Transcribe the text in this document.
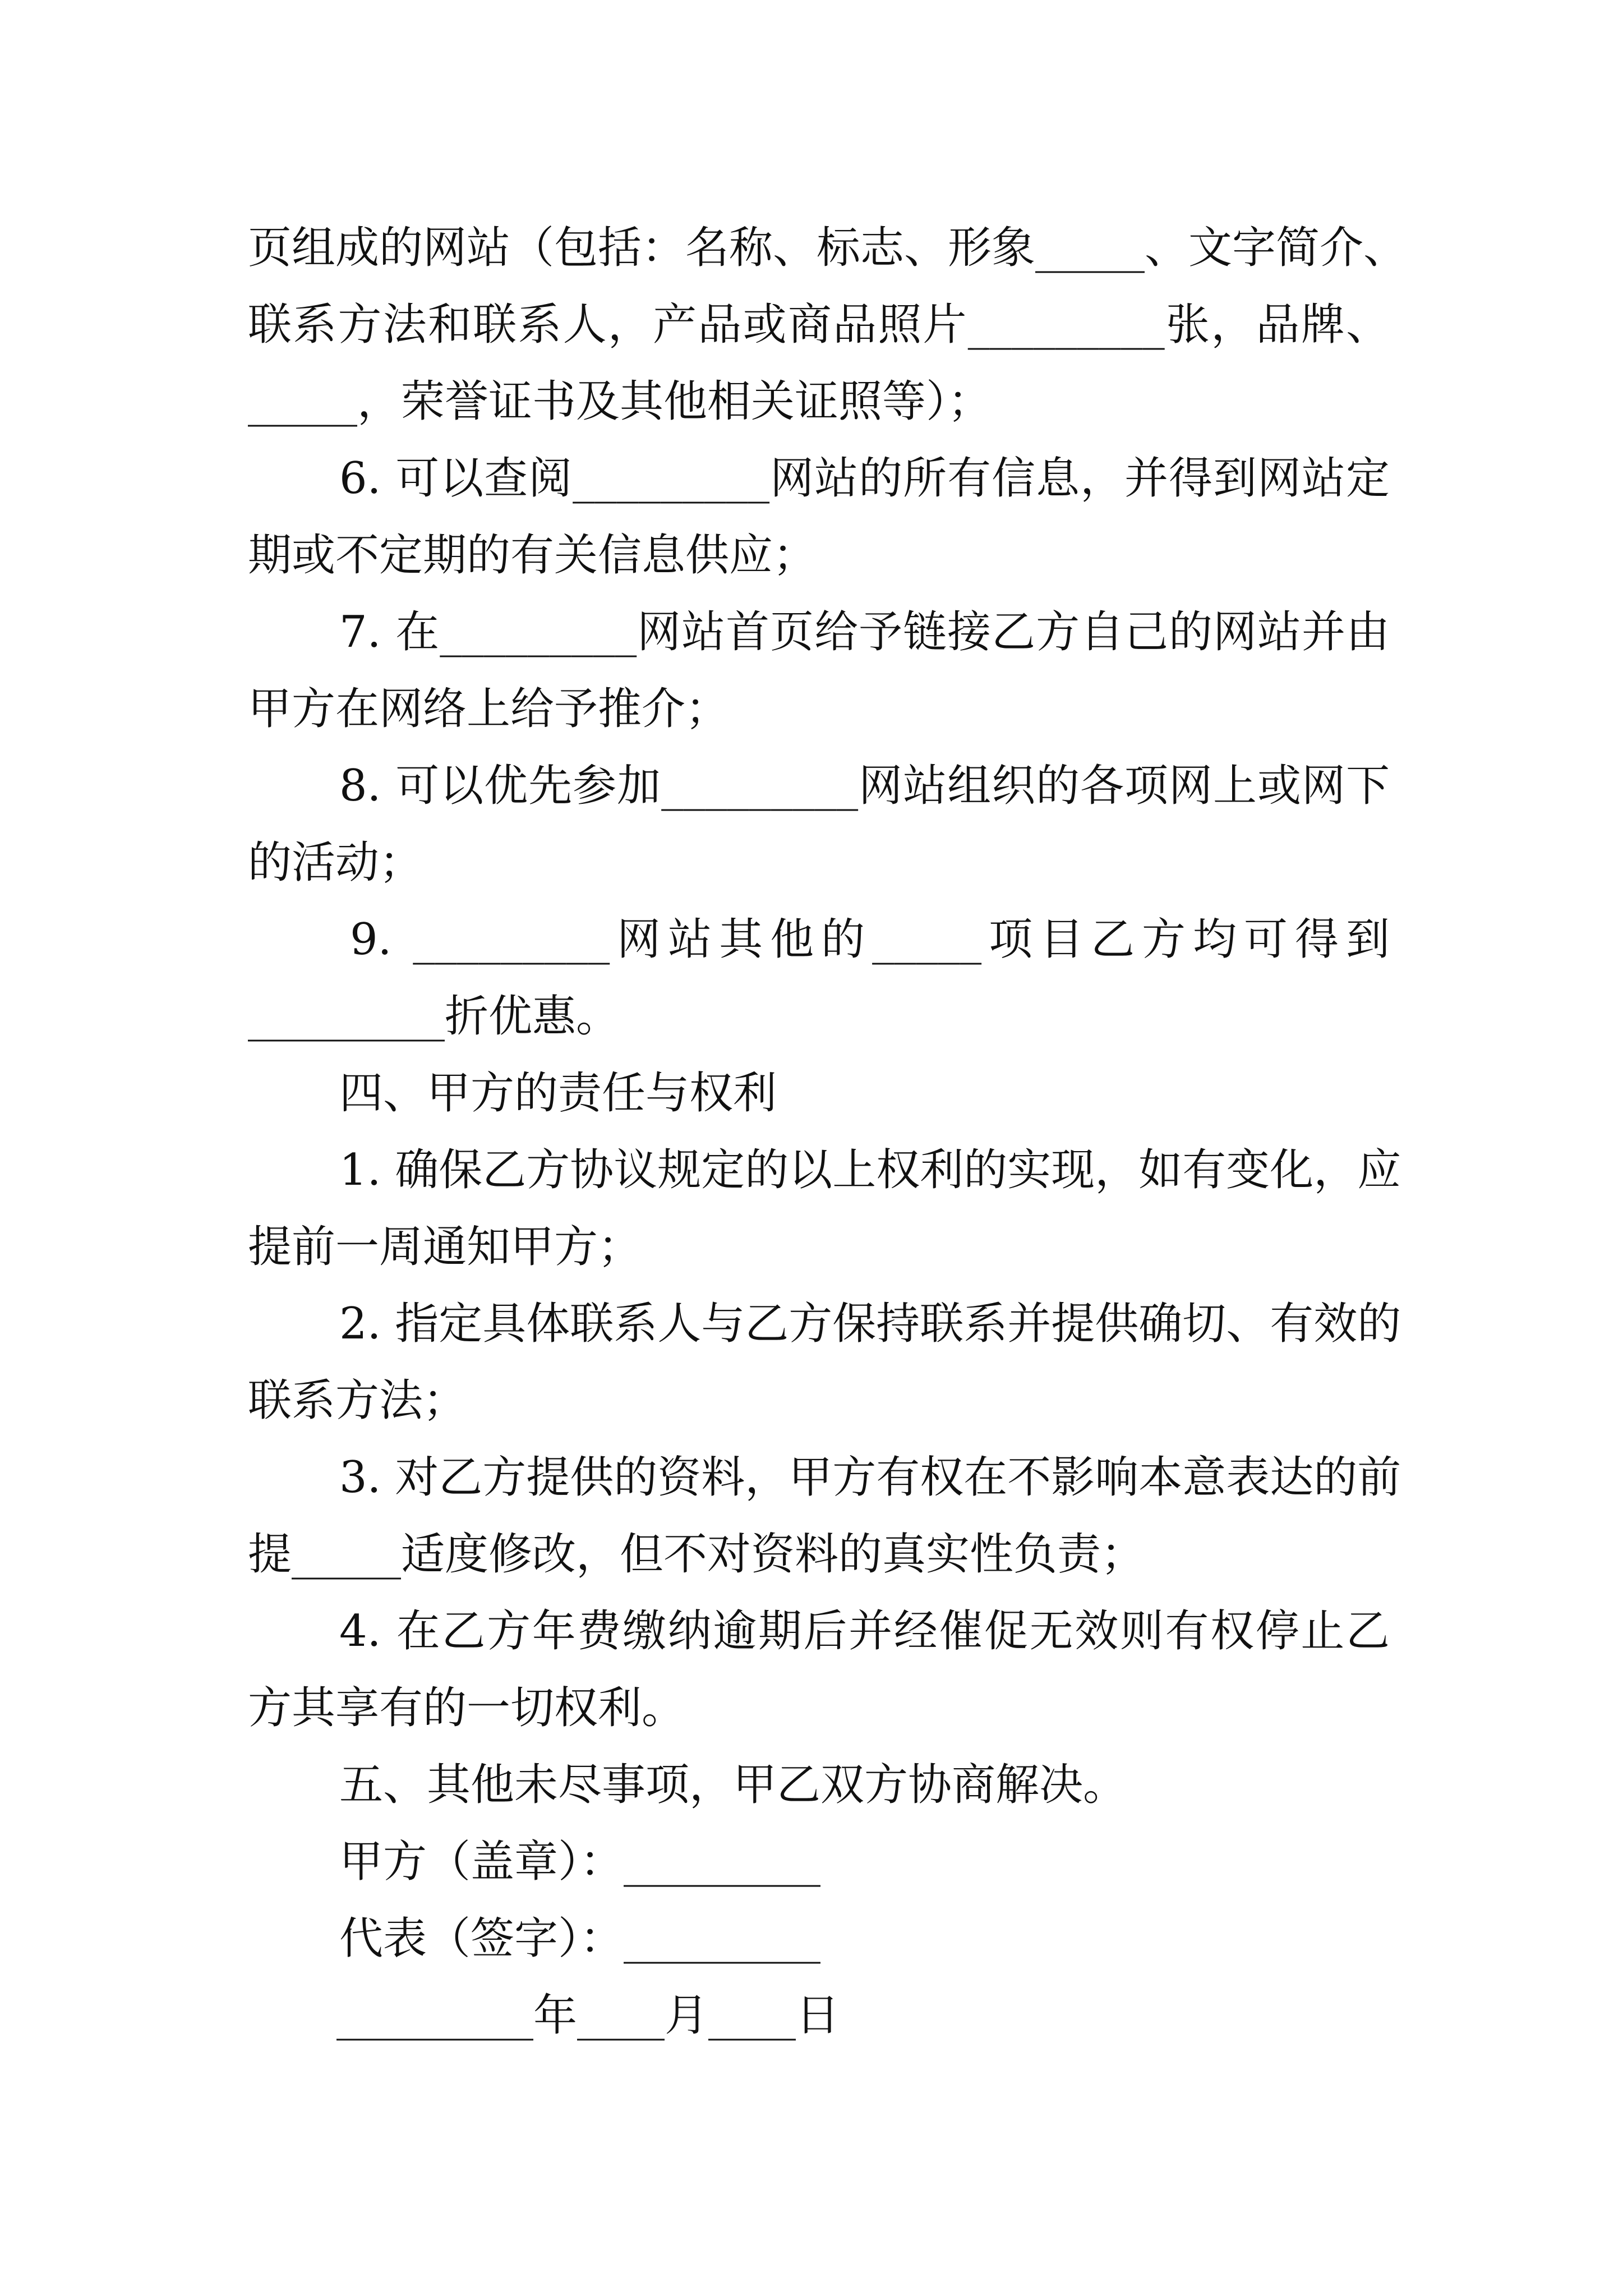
页组成的网站（包括：名称、标志、形象_____、文字简介、
联系方法和联系人，产品或商品照片_________张，品牌、
_____，荣誉证书及其他相关证照等）；
6. 可以查阅_________网站的所有信息，并得到网站定
期或不定期的有关信息供应；
7. 在_________网站首页给予链接乙方自己的网站并由
甲方在网络上给予推介；
8. 可以优先参加_________网站组织的各项网上或网下
的活动；
9. _________网站其他的_____项目乙方均可得到
_________折优惠。
四、甲方的责任与权利
1. 确保乙方协议规定的以上权利的实现，如有变化，应
提前一周通知甲方；
2. 指定具体联系人与乙方保持联系并提供确切、有效的
联系方法；
3. 对乙方提供的资料，甲方有权在不影响本意表达的前
提_____适度修改，但不对资料的真实性负责；
4. 在乙方年费缴纳逾期后并经催促无效则有权停止乙
方其享有的一切权利。
五、其他未尽事项，甲乙双方协商解决。
甲方（盖章）：_________
代表（签字）：_________
_________年____月____日
